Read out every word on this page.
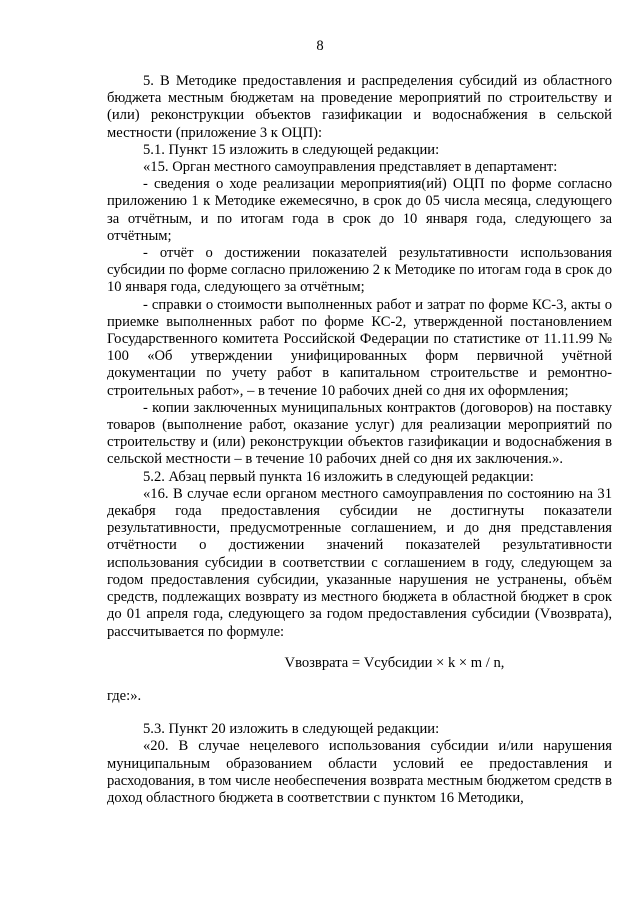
8

5. В Методике предоставления и распределения субсидий из областного бюджета местным бюджетам на проведение мероприятий по строительству и (или) реконструкции объектов газификации и водоснабжения в сельской местности (приложение 3 к ОЦП):

5.1. Пункт 15 изложить в следующей редакции:

«15. Орган местного самоуправления представляет в департамент:

- сведения о ходе реализации мероприятия(ий) ОЦП по форме согласно приложению 1 к Методике ежемесячно, в срок до 05 числа месяца, следующего за отчётным, и по итогам года в срок до 10 января года, следующего за отчётным;

- отчёт о достижении показателей результативности использования субсидии по форме согласно приложению 2 к Методике по итогам года в срок до 10 января года, следующего за отчётным;

- справки о стоимости выполненных работ и затрат по форме КС-3, акты о приемке выполненных работ по форме КС-2, утвержденной постановлением Государственного комитета Российской Федерации по статистике от 11.11.99 № 100 «Об утверждении унифицированных форм первичной учётной документации по учету работ в капитальном строительстве и ремонтно-строительных работ», – в течение 10 рабочих дней со дня их оформления;

- копии заключенных муниципальных контрактов (договоров) на поставку товаров (выполнение работ, оказание услуг) для реализации мероприятий по строительству и (или) реконструкции объектов газификации и водоснабжения в сельской местности – в течение 10 рабочих дней со дня их заключения.».

5.2. Абзац первый пункта 16 изложить в следующей редакции:

«16. В случае если органом местного самоуправления по состоянию на 31 декабря года предоставления субсидии не достигнуты показатели результативности, предусмотренные соглашением, и до дня представления отчётности о достижении значений показателей результативности использования субсидии в соответствии с соглашением в году, следующем за годом предоставления субсидии, указанные нарушения не устранены, объём средств, подлежащих возврату из местного бюджета в областной бюджет в срок до 01 апреля года, следующего за годом предоставления субсидии (Vвозврата), рассчитывается по формуле:

Vвозврата = Vсубсидии × k × m / n,

где:».

5.3. Пункт 20 изложить в следующей редакции:

«20. В случае нецелевого использования субсидии и/или нарушения муниципальным образованием области условий ее предоставления и расходования, в том числе необеспечения возврата местным бюджетом средств в доход областного бюджета в соответствии с пунктом 16 Методики,
